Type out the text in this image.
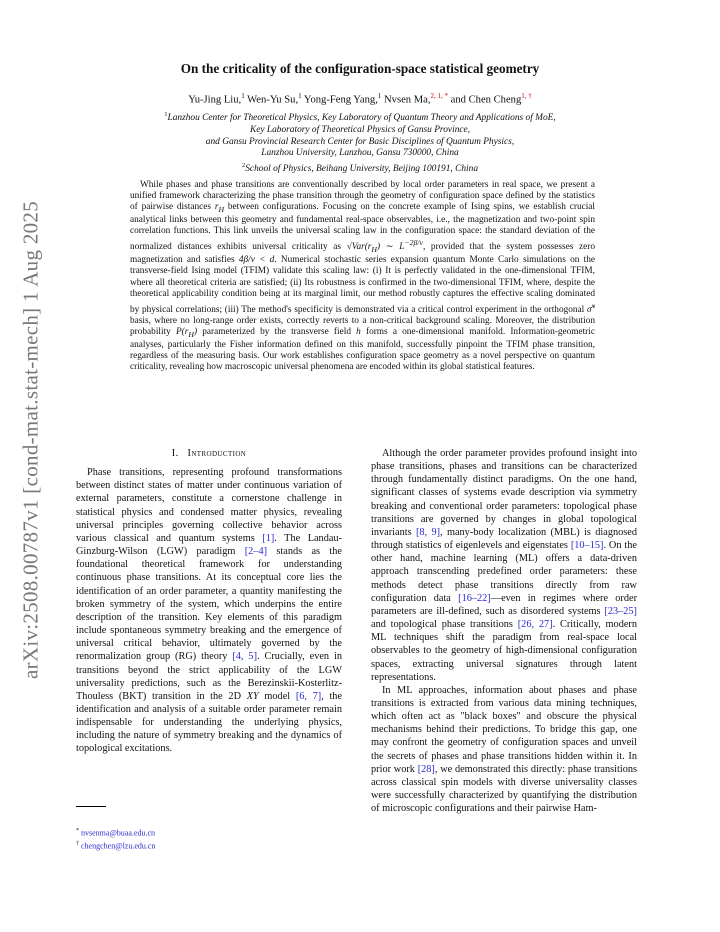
arXiv:2508.00787v1 [cond-mat.stat-mech] 1 Aug 2025
On the criticality of the configuration-space statistical geometry
Yu-Jing Liu,$^1$ Wen-Yu Su,$^1$ Yong-Feng Yang,$^1$ Nvsen Ma,$^{2, 1, *}$ and Chen Cheng$^{1, \dagger}$
$^1$Lanzhou Center for Theoretical Physics, Key Laboratory of Quantum Theory and Applications of MoE,
Key Laboratory of Theoretical Physics of Gansu Province,
and Gansu Provincial Research Center for Basic Disciplines of Quantum Physics,
Lanzhou University, Lanzhou, Gansu 730000, China
$^2$School of Physics, Beihang University, Beijing 100191, China

While phases and phase transitions are conventionally described by local order parameters in real space, we present a unified framework characterizing the phase transition through the geometry of configuration space defined by the statistics of pairwise distances $r_H$ between configurations. Focusing on the concrete example of Ising spins, we establish crucial analytical links between this geometry and fundamental real-space observables, i.e., the magnetization and two-point spin correlation functions. This link unveils the universal scaling law in the configuration space: the standard deviation of the normalized distances exhibits universal criticality as $√Var(r_H)$ ∼ $L^{-2\beta/\nu}$, provided that the system possesses zero magnetization and satisfies 4β/ν < d. Numerical stochastic series expansion quantum Monte Carlo simulations on the transverse-field Ising model (TFIM) validate this scaling law: (i) It is perfectly validated in the one-dimensional TFIM, where all theoretical criteria are satisfied; (ii) Its robustness is confirmed in the two-dimensional TFIM, where, despite the theoretical applicability condition being at its marginal limit, our method robustly captures the effective scaling dominated by physical correlations; (iii) The method's specificity is demonstrated via a critical control experiment in the orthogonal σ̂$^x$ basis, where no long-range order exists, correctly reverts to a non-critical background scaling. Moreover, the distribution probability $P(r_H)$ parameterized by the transverse field h forms a one-dimensional manifold. Information-geometric analyses, particularly the Fisher information defined on this manifold, successfully pinpoint the TFIM phase transition, regardless of the measuring basis. Our work establishes configuration space geometry as a novel perspective on quantum criticality, revealing how macroscopic universal phenomena are encoded within its global statistical features.

I. Introduction

Phase transitions, representing profound transformations between distinct states of matter under continuous variation of external parameters, constitute a cornerstone challenge in statistical physics and condensed matter physics, revealing universal principles governing collective behavior across various classical and quantum systems [1]. The Landau-Ginzburg-Wilson (LGW) paradigm [2–4] stands as the foundational theoretical framework for understanding continuous phase transitions. At its conceptual core lies the identification of an order parameter, a quantity manifesting the broken symmetry of the system, which underpins the entire description of the transition. Key elements of this paradigm include spontaneous symmetry breaking and the emergence of universal critical behavior, ultimately governed by the renormalization group (RG) theory [4, 5]. Crucially, even in transitions beyond the strict applicability of the LGW universality predictions, such as the Berezinskii-Kosterlitz-Thouless (BKT) transition in the 2D XY model [6, 7], the identification and analysis of a suitable order parameter remain indispensable for understanding the underlying physics, including the nature of symmetry breaking and the dynamics of topological excitations.

Although the order parameter provides profound insight into phase transitions, phases and transitions can be characterized through fundamentally distinct paradigms. On the one hand, significant classes of systems evade description via symmetry breaking and conventional order parameters: topological phase transitions are governed by changes in global topological invariants [8, 9], many-body localization (MBL) is diagnosed through statistics of eigenlevels and eigenstates [10–15]. On the other hand, machine learning (ML) offers a data-driven approach transcending predefined order parameters: these methods detect phase transitions directly from raw configuration data [16–22]—even in regimes where order parameters are ill-defined, such as disordered systems [23–25] and topological phase transitions [26, 27]. Critically, modern ML techniques shift the paradigm from real-space local observables to the geometry of high-dimensional configuration spaces, extracting universal signatures through latent representations.

In ML approaches, information about phases and phase transitions is extracted from various data mining techniques, which often act as "black boxes" and obscure the physical mechanisms behind their predictions. To bridge this gap, one may confront the geometry of configuration spaces and unveil the secrets of phases and phase transitions hidden within it. In prior work [28], we demonstrated this directly: phase transitions across classical spin models with diverse universality classes were successfully characterized by quantifying the distribution of microscopic configurations and their pairwise Ham-

* nvsenma@buaa.edu.cn
† chengchen@lzu.edu.cn
